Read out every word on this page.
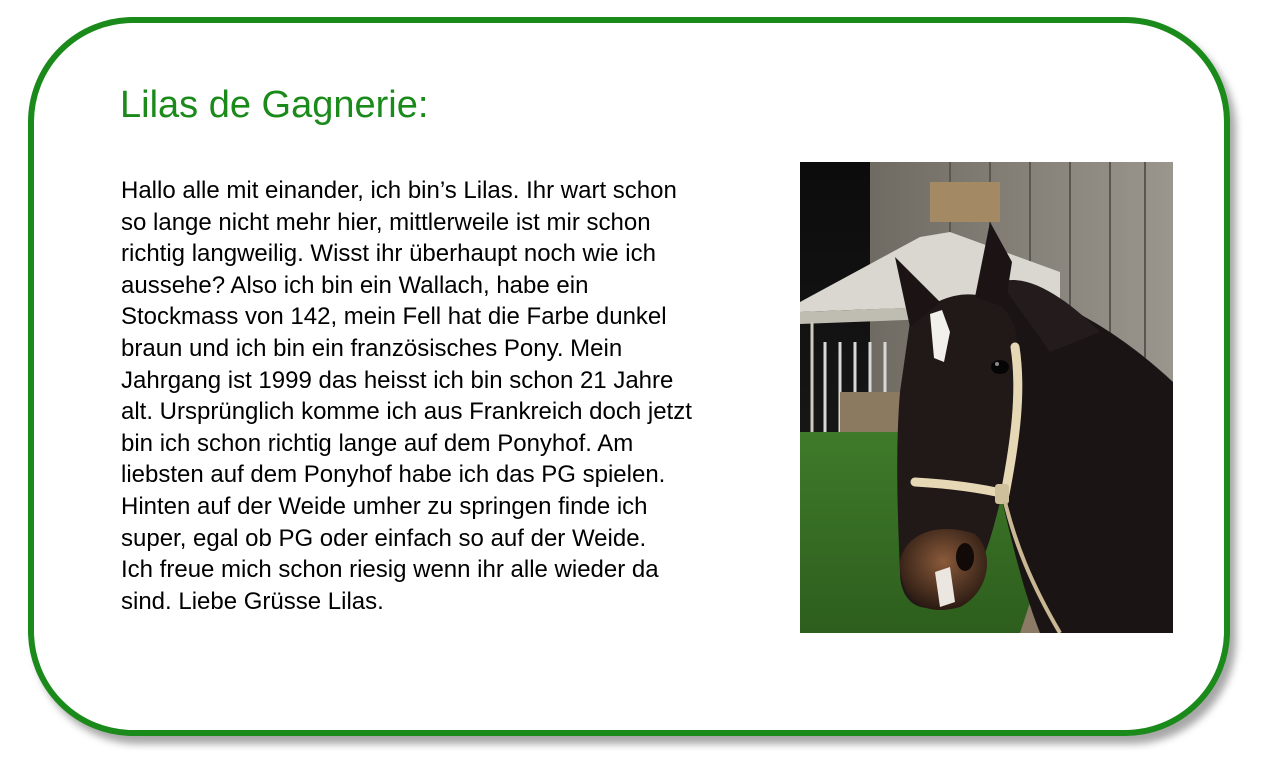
Lilas de Gagnerie:
Hallo alle mit einander, ich bin’s Lilas. Ihr wart schon
so lange nicht mehr hier, mittlerweile ist mir schon
richtig langweilig. Wisst ihr überhaupt noch wie ich
aussehe? Also ich bin ein Wallach, habe ein
Stockmass von 142, mein Fell hat die Farbe dunkel
braun und ich bin ein französisches Pony. Mein
Jahrgang ist 1999 das heisst ich bin schon 21 Jahre
alt. Ursprünglich komme ich aus Frankreich doch jetzt
bin ich schon richtig lange auf dem Ponyhof. Am
liebsten auf dem Ponyhof habe ich das PG spielen.
Hinten auf der Weide umher zu springen finde ich
super, egal ob PG oder einfach so auf der Weide.
Ich freue mich schon riesig wenn ihr alle wieder da
sind. Liebe Grüsse Lilas.
